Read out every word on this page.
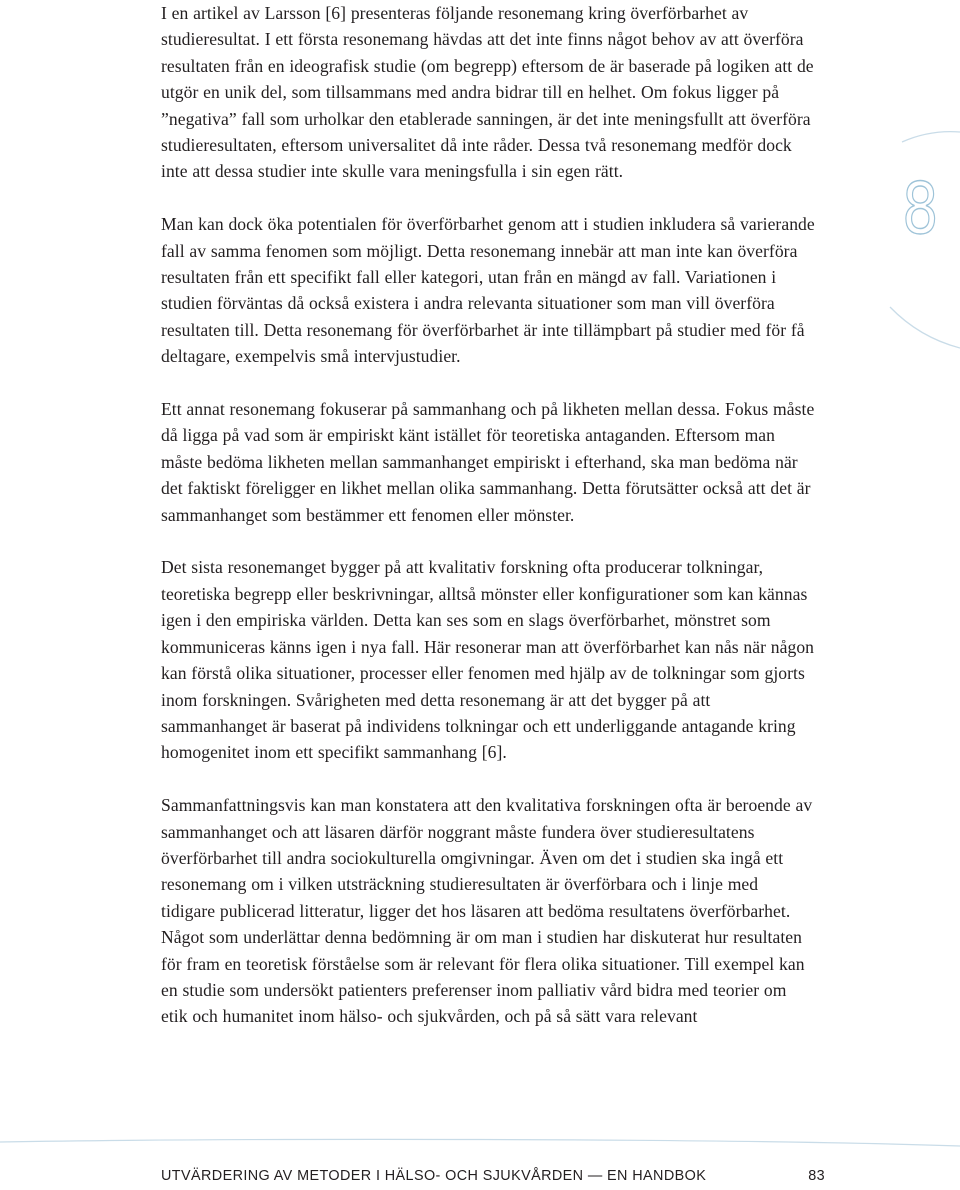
I en artikel av Larsson [6] presenteras följande resonemang kring överförbarhet av studieresultat. I ett första resonemang hävdas att det inte finns något behov av att överföra resultaten från en ideografisk studie (om begrepp) eftersom de är baserade på logiken att de utgör en unik del, som tillsammans med andra bidrar till en helhet. Om fokus ligger på ”negativa” fall som urholkar den etablerade sanningen, är det inte meningsfullt att överföra studieresultaten, eftersom universalitet då inte råder. Dessa två resonemang medför dock inte att dessa studier inte skulle vara meningsfulla i sin egen rätt.

Man kan dock öka potentialen för överförbarhet genom att i studien inkludera så varierande fall av samma fenomen som möjligt. Detta resonemang innebär att man inte kan överföra resultaten från ett specifikt fall eller kategori, utan från en mängd av fall. Variationen i studien förväntas då också existera i andra relevanta situationer som man vill överföra resultaten till. Detta resonemang för överförbarhet är inte tillämpbart på studier med för få deltagare, exempelvis små intervjustudier.

Ett annat resonemang fokuserar på sammanhang och på likheten mellan dessa. Fokus måste då ligga på vad som är empiriskt känt istället för teoretiska antaganden. Eftersom man måste bedöma likheten mellan sammanhanget empiriskt i efterhand, ska man bedöma när det faktiskt föreligger en likhet mellan olika sammanhang. Detta förutsätter också att det är sammanhanget som bestämmer ett fenomen eller mönster.

Det sista resonemanget bygger på att kvalitativ forskning ofta producerar tolkningar, teoretiska begrepp eller beskrivningar, alltså mönster eller konfigurationer som kan kännas igen i den empiriska världen. Detta kan ses som en slags överförbarhet, mönstret som kommuniceras känns igen i nya fall. Här resonerar man att överförbarhet kan nås när någon kan förstå olika situationer, processer eller fenomen med hjälp av de tolkningar som gjorts inom forskningen. Svårigheten med detta resonemang är att det bygger på att sammanhanget är baserat på individens tolkningar och ett underliggande antagande kring homogenitet inom ett specifikt sammanhang [6].

Sammanfattningsvis kan man konstatera att den kvalitativa forskningen ofta är beroende av sammanhanget och att läsaren därför noggrant måste fundera över studieresultatens överförbarhet till andra sociokulturella omgivningar. Även om det i studien ska ingå ett resonemang om i vilken utsträckning studieresultaten är överförbara och i linje med tidigare publicerad litteratur, ligger det hos läsaren att bedöma resultatens överförbarhet. Något som underlättar denna bedömning är om man i studien har diskuterat hur resultaten för fram en teoretisk förståelse som är relevant för flera olika situationer. Till exempel kan en studie som undersökt patienters preferenser inom palliativ vård bidra med teorier om etik och humanitet inom hälso- och sjukvården, och på så sätt vara relevant

8
UTVÄRDERING AV METODER I HÄLSO- OCH SJUKVÅRDEN — EN HANDBOK	83
